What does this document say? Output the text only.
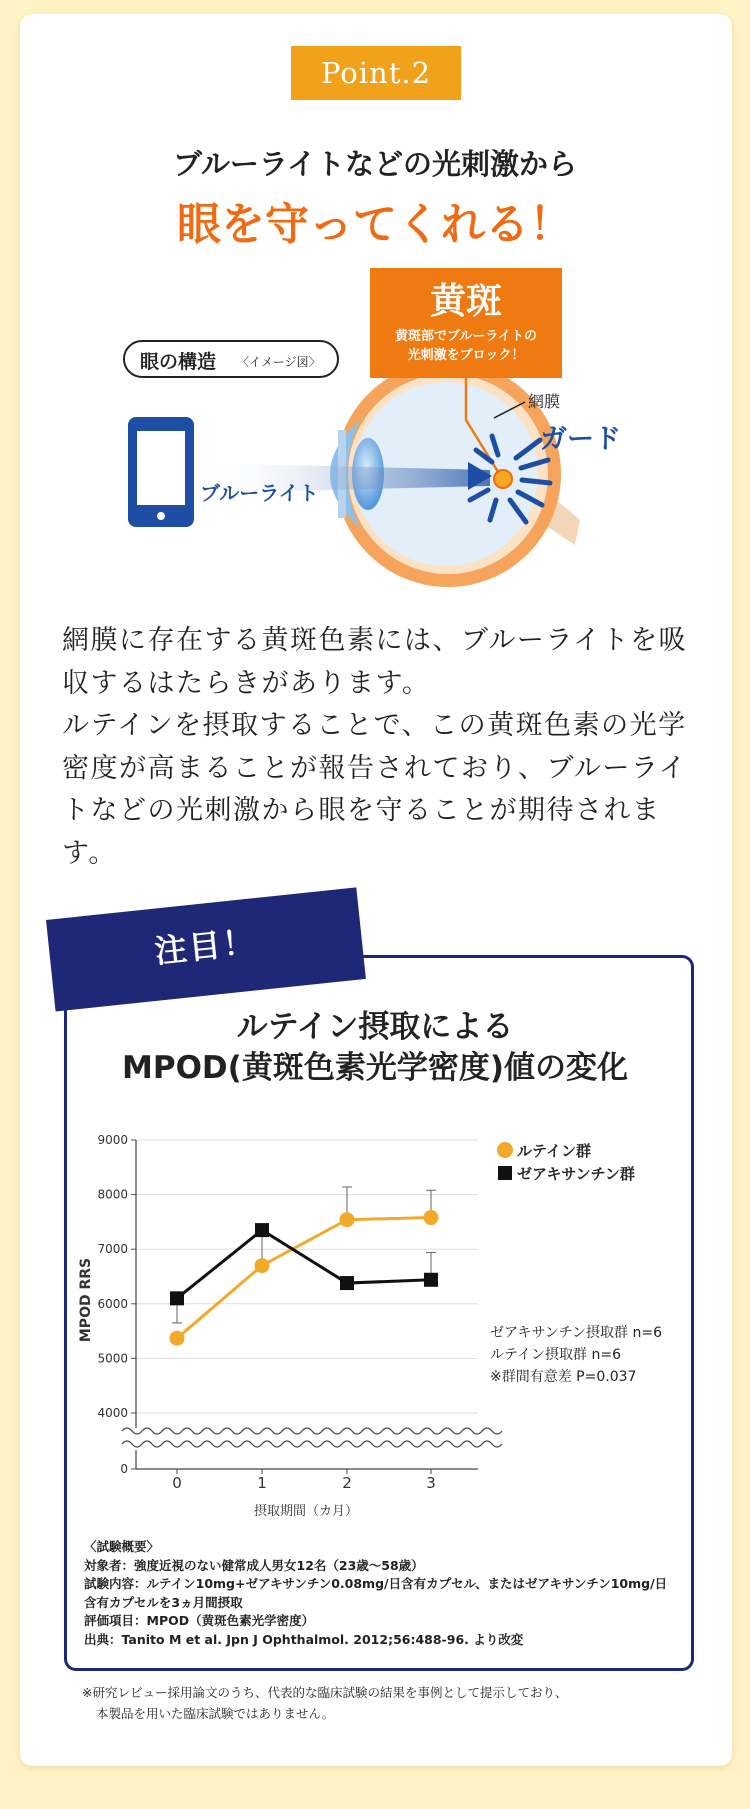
Point.2
ブルーライトなどの光刺激から
眼を守ってくれる！
眼の構造 〈イメージ図〉
ブルーライト
黄斑
黄斑部でブルーライトの
光刺激をブロック！
網膜
ガード

網膜に存在する黄斑色素には、ブルーライトを吸収するはたらきがあります。

ルテインを摂取することで、この黄斑色素の光学密度が高まることが報告されており、ブルーライトなどの光刺激から眼を守ることが期待されます。

注目！
ルテイン摂取による
MPOD(黄斑色素光学密度)値の変化
9000
8000
7000
6000
5000
4000
0
0	1	2	3
摂取期間（カ月）
MPOD RRS
ルテイン群
ゼアキサンチン群
ゼアキサンチン摂取群 n=6
ルテイン摂取群 n=6
※群間有意差 P=0.037
〈試験概要〉
対象者：強度近視のない健常成人男女12名（23歳～58歳）
試験内容：ルテイン10mg+ゼアキサンチン0.08mg/日含有カプセル、またはゼアキサンチン10mg/日
含有カプセルを3ヵ月間摂取
評価項目：MPOD（黄斑色素光学密度）
出典：Tanito M et al. Jpn J Ophthalmol. 2012;56:488-96. より改変
※研究レビュー採用論文のうち、代表的な臨床試験の結果を事例として提示しており、
本製品を用いた臨床試験ではありません。
